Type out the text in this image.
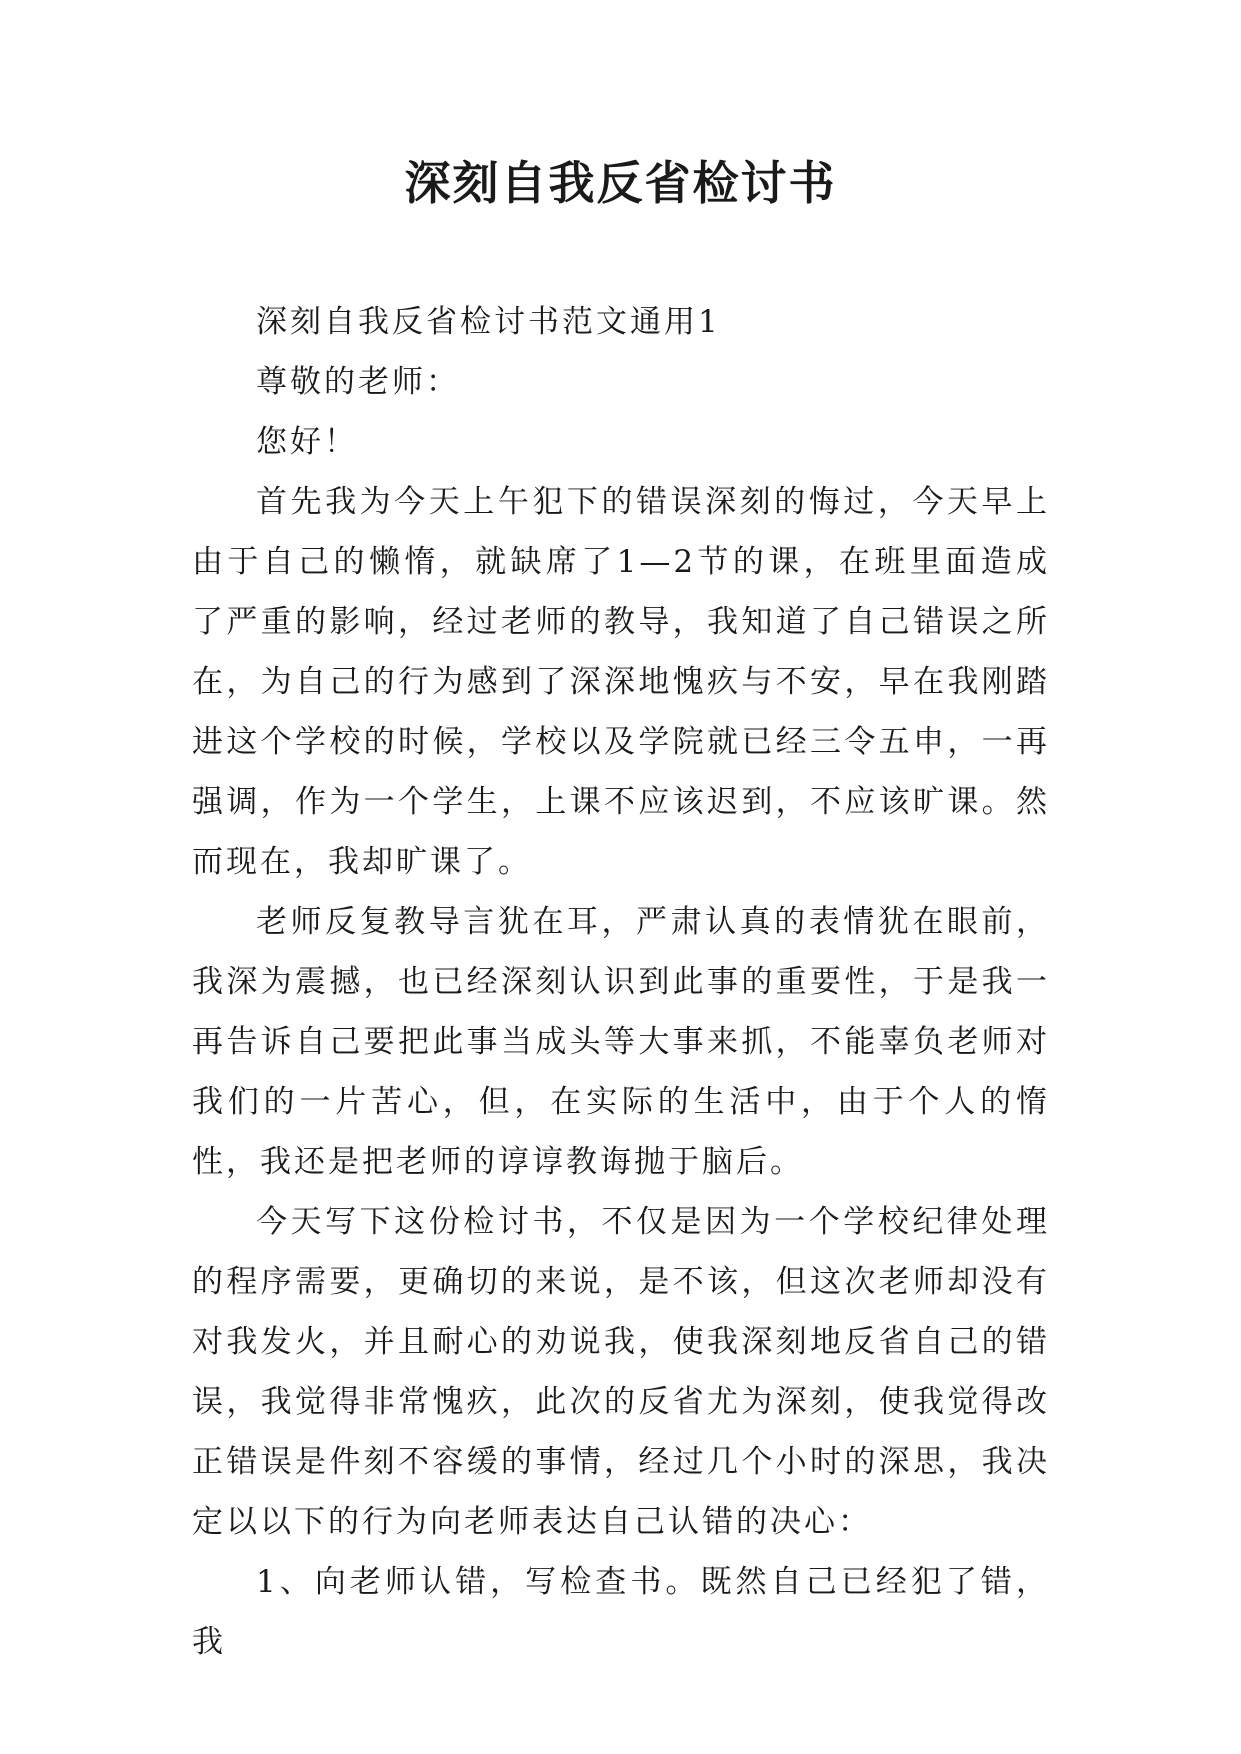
深刻自我反省检讨书

深刻自我反省检讨书范文通用1

尊敬的老师：

您好！

首先我为今天上午犯下的错误深刻的悔过，今天早上由于自己的懒惰，就缺席了1—2节的课，在班里面造成了严重的影响，经过老师的教导，我知道了自己错误之所在，为自己的行为感到了深深地愧疚与不安，早在我刚踏进这个学校的时候，学校以及学院就已经三令五申，一再强调，作为一个学生，上课不应该迟到，不应该旷课。然而现在，我却旷课了。

老师反复教导言犹在耳，严肃认真的表情犹在眼前，我深为震撼，也已经深刻认识到此事的重要性，于是我一再告诉自己要把此事当成头等大事来抓，不能辜负老师对我们的一片苦心，但，在实际的生活中，由于个人的惰性，我还是把老师的谆谆教诲抛于脑后。

今天写下这份检讨书，不仅是因为一个学校纪律处理的程序需要，更确切的来说，是不该，但这次老师却没有对我发火，并且耐心的劝说我，使我深刻地反省自己的错误，我觉得非常愧疚，此次的反省尤为深刻，使我觉得改正错误是件刻不容缓的事情，经过几个小时的深思，我决定以以下的行为向老师表达自己认错的决心：

1、向老师认错，写检查书。既然自己已经犯了错，我
